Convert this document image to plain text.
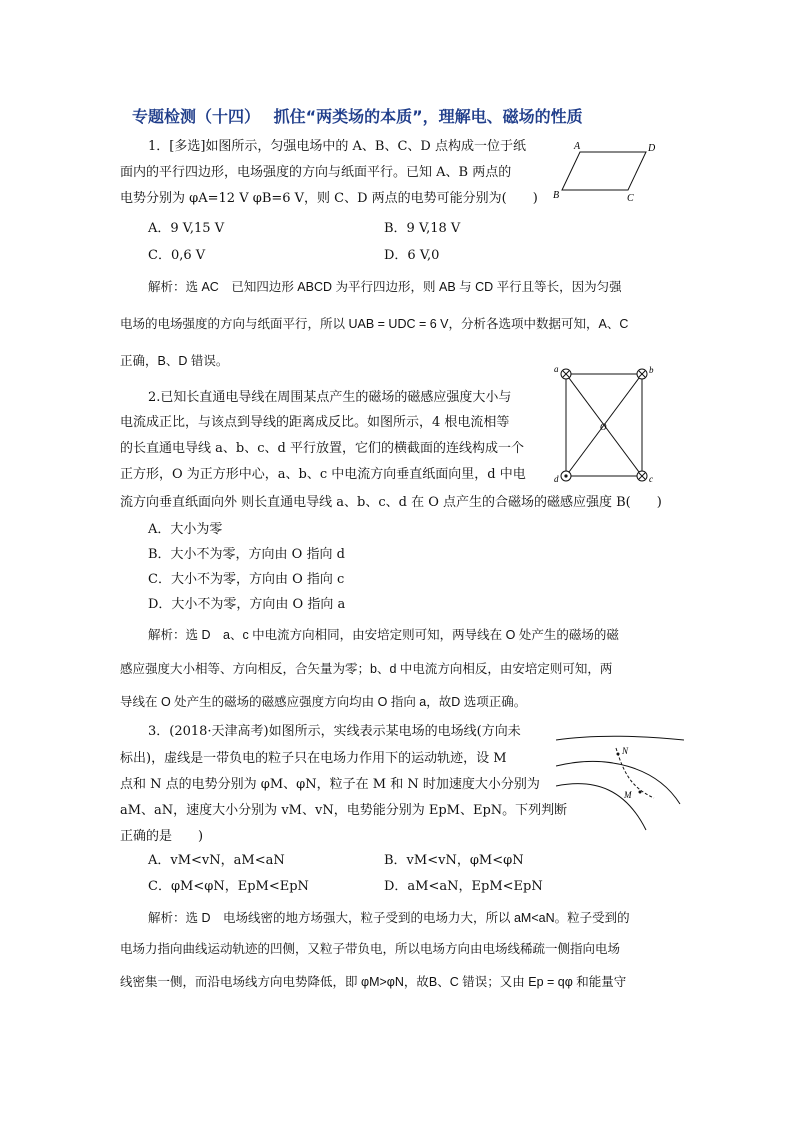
专题检测（十四）　 抓住“两类场的本质”，理解电、磁场的性质
1．[多选]如图所示，匀强电场中的 A、B、C、D 点构成一位于纸
面内的平行四边形，电场强度的方向与纸面平行。已知 A、B 两点的
电势分别为 φA=12 V φB=6 V，则 C、D 两点的电势可能分别为(　　)
A．9 V,15 V	B．9 V,18 V
C．0,6 V	D．6 V,0
解析：选 AC　已知四边形 ABCD 为平行四边形，则 AB 与 CD 平行且等长，因为匀强
电场的电场强度的方向与纸面平行，所以 UAB = UDC = 6 V，分析各选项中数据可知，A、C
正确，B、D 错误。
A	D
B	C
2.已知长直通电导线在周围某点产生的磁场的磁感应强度大小与
电流成正比，与该点到导线的距离成反比。如图所示，4 根电流相等
的长直通电导线 a、b、c、d 平行放置，它们的横截面的连线构成一个
正方形，O 为正方形中心，a、b、c 中电流方向垂直纸面向里，d 中电
流方向垂直纸面向外 则长直通电导线 a、b、c、d 在 O 点产生的合磁场的磁感应强度 B(　　)
A．大小为零
B．大小不为零，方向由 O 指向 d
C．大小不为零，方向由 O 指向 c
D．大小不为零，方向由 O 指向 a
解析：选 D　a、c 中电流方向相同，由安培定则可知，两导线在 O 处产生的磁场的磁
感应强度大小相等、方向相反，合矢量为零；b、d 中电流方向相反，由安培定则可知，两
导线在 O 处产生的磁场的磁感应强度方向均由 O 指向 a，故D 选项正确。
a	b
d	c
O
3．(2018·天津高考)如图所示，实线表示某电场的电场线(方向未
标出)，虚线是一带负电的粒子只在电场力作用下的运动轨迹，设 M
点和 N 点的电势分别为 φM、φN，粒子在 M 和 N 时加速度大小分别为
aM、aN，速度大小分别为 vM、vN，电势能分别为 EpM、EpN。下列判断
正确的是　　)
A．vM<vN，aM<aN	B．vM<vN，φM<φN
C．φM<φN，EpM<EpN	D．aM<aN，EpM<EpN
解析：选 D　电场线密的地方场强大，粒子受到的电场力大，所以 aM<aN。粒子受到的
电场力指向曲线运动轨迹的凹侧，又粒子带负电，所以电场方向由电场线稀疏一侧指向电场
线密集一侧，而沿电场线方向电势降低，即 φM>φN，故B、C 错误；又由 Ep = qφ 和能量守
N
M
